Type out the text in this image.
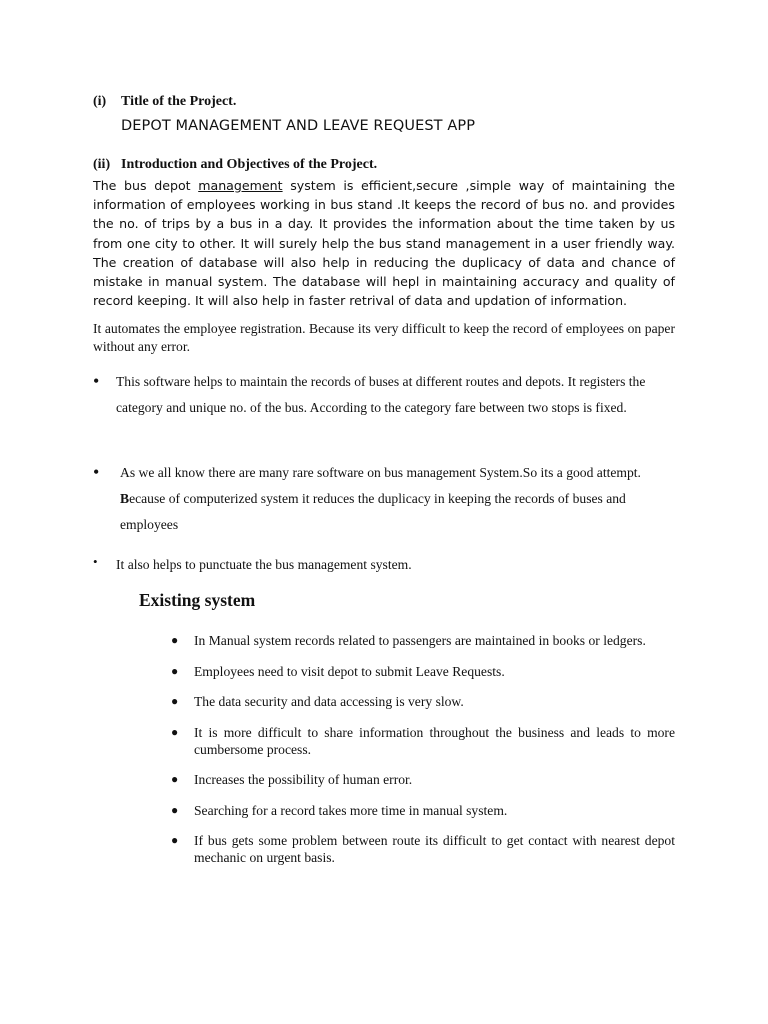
(i) Title of the Project.
DEPOT MANAGEMENT AND LEAVE REQUEST APP
(ii) Introduction and Objectives of the Project.
The bus depot management system is efficient,secure ,simple way of maintaining the information of employees working in bus stand .It keeps the record of bus no. and provides the no. of trips by a bus in a day. It provides the information about the time taken by us from one city to other. It will surely help the bus stand management in a user friendly way. The creation of database will also help in reducing the duplicacy of data and chance of mistake in manual system. The database will hepl in maintaining accuracy and quality of record keeping. It will also help in faster retrival of data and updation of information.
It automates the employee registration. Because its very difficult to keep the record of employees on paper without any error.
• This software helps to maintain the records of buses at different routes and depots. It registers the category and unique no. of the bus. According to the category fare between two stops is fixed.
• As we all know there are many rare software on bus management System.So its a good attempt. Because of computerized system it reduces the duplicacy in keeping the records of buses and employees
• It also helps to punctuate the bus management system.
Existing system
● In Manual system records related to passengers are maintained in books or ledgers.
● Employees need to visit depot to submit Leave Requests.
● The data security and data accessing is very slow.
● It is more difficult to share information throughout the business and leads to more cumbersome process.
● Increases the possibility of human error.
● Searching for a record takes more time in manual system.
● If bus gets some problem between route its difficult to get contact with nearest depot mechanic on urgent basis.
